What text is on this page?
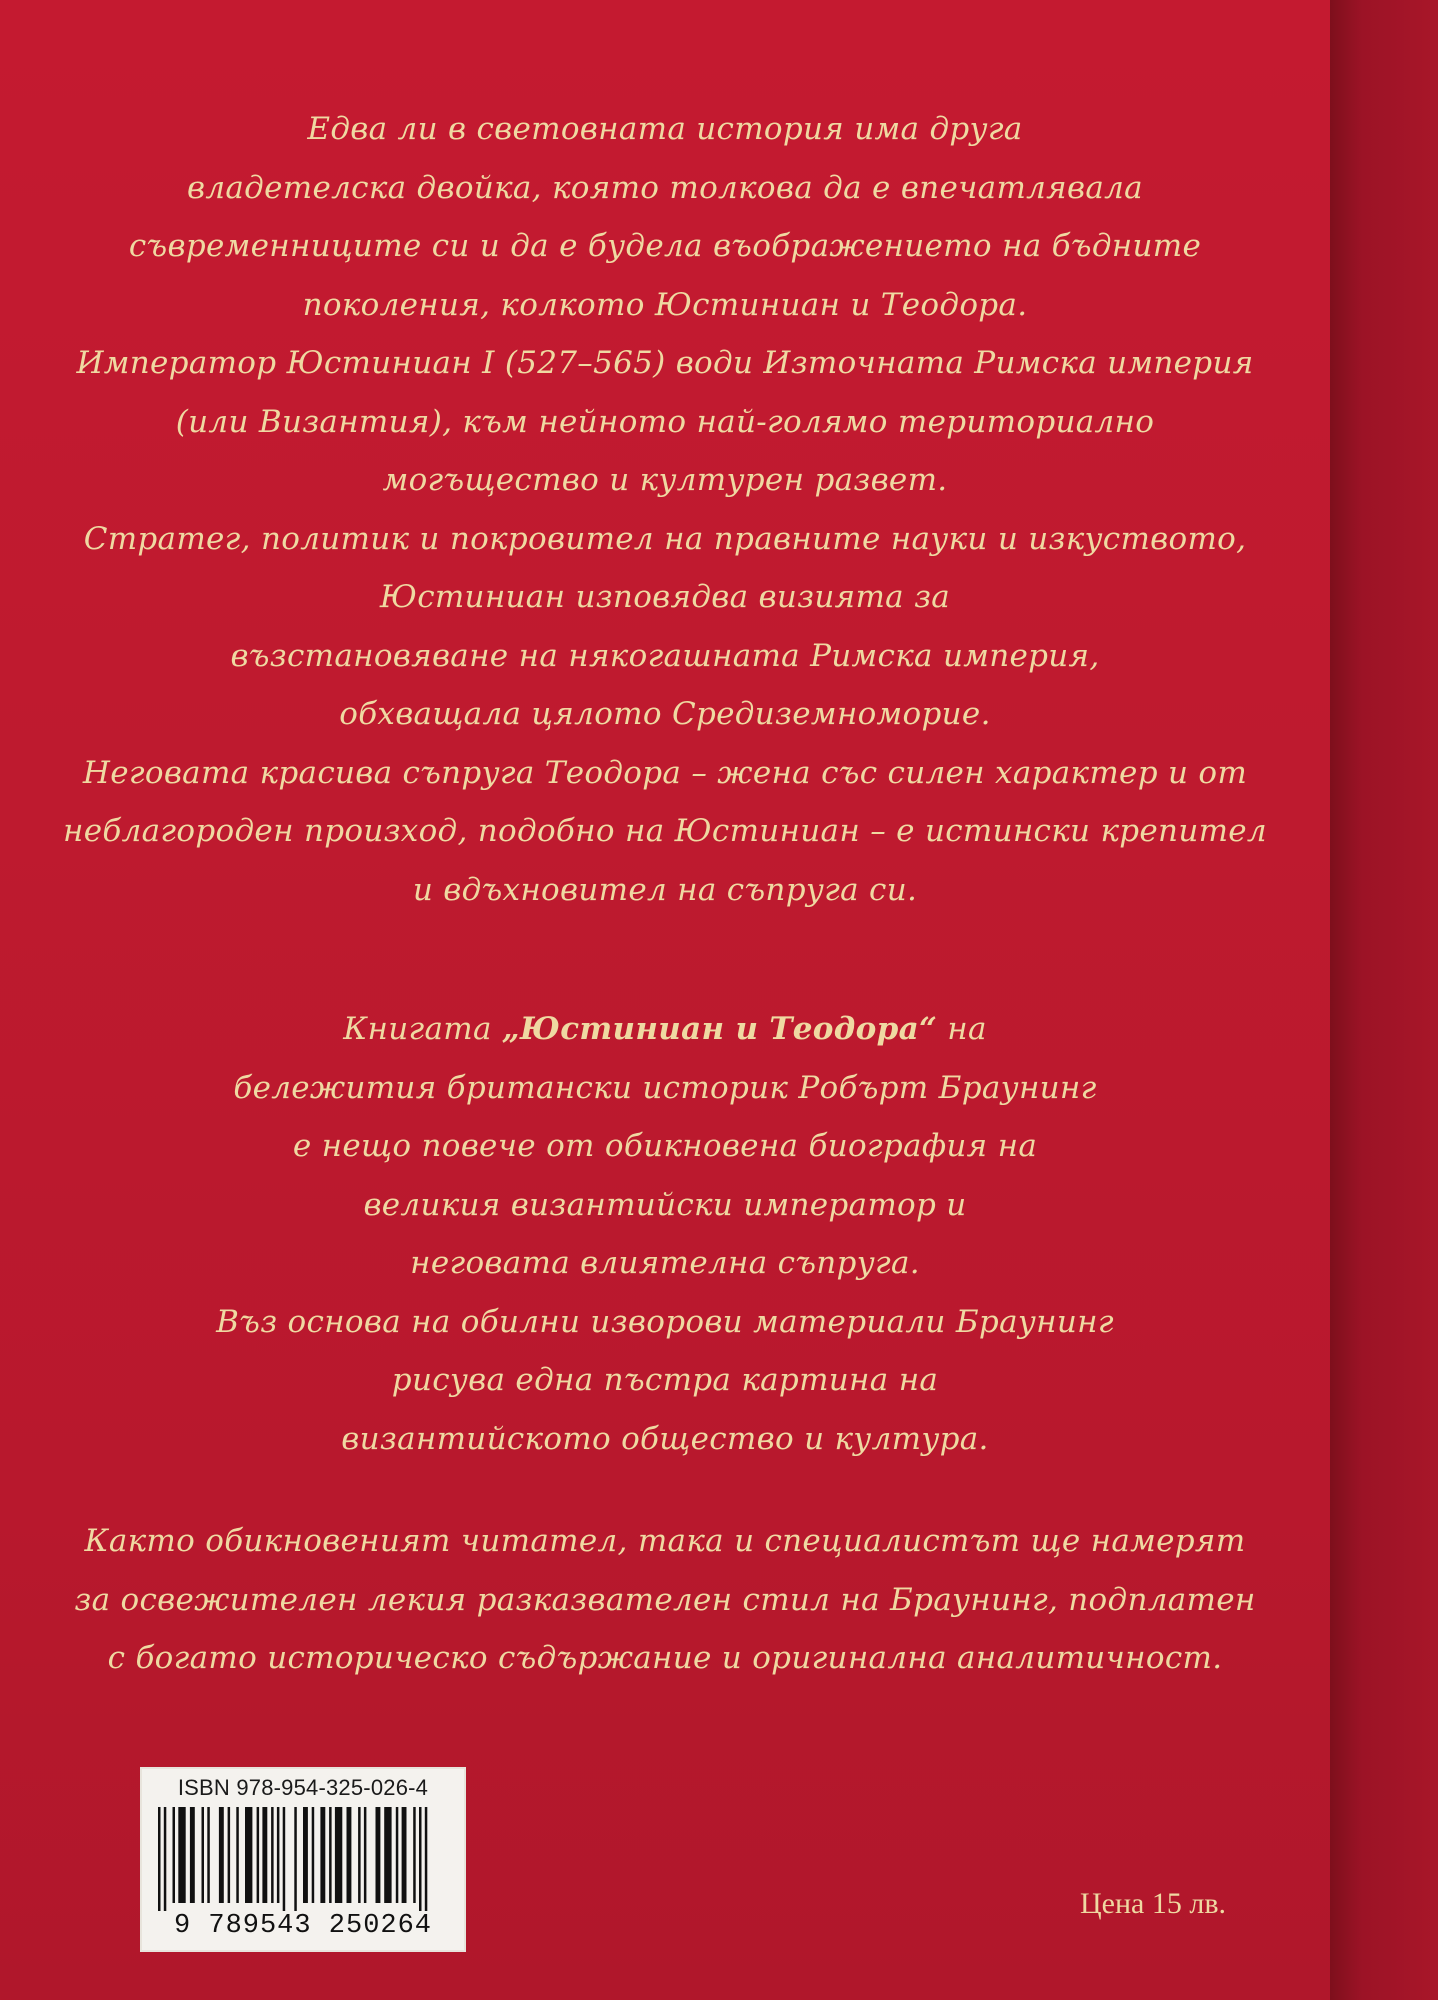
Едва ли в световната история има друга
владетелска двойка, която толкова да е впечатлявала
съвременниците си и да е будела въображението на бъдните
поколения, колкото Юстиниан и Теодора.
Император Юстиниан I (527–565) води Източната Римска империя
(или Византия), към нейното най-голямо териториално
могъщество и културен развет.
Стратег, политик и покровител на правните науки и изкуството,
Юстиниан изповядва визията за
възстановяване на някогашната Римска империя,
обхващала цялото Средиземноморие.
Неговата красива съпруга Теодора – жена със силен характер и от
неблагороден произход, подобно на Юстиниан – е истински крепител
и вдъхновител на съпруга си.
Книгата „Юстиниан и Теодора“ на
бележития британски историк Робърт Браунинг
е нещо повече от обикновена биография на
великия византийски император и
неговата влиятелна съпруга.
Въз основа на обилни изворови материали Браунинг
рисува една пъстра картина на
византийското общество и култура.
Както обикновеният читател, така и специалистът ще намерят
за освежителен лекия разказвателен стил на Браунинг, подплатен
с богато историческо съдържание и оригинална аналитичност.
ISBN 978-954-325-026-4
9 789543 250264
Цена 15 лв.
